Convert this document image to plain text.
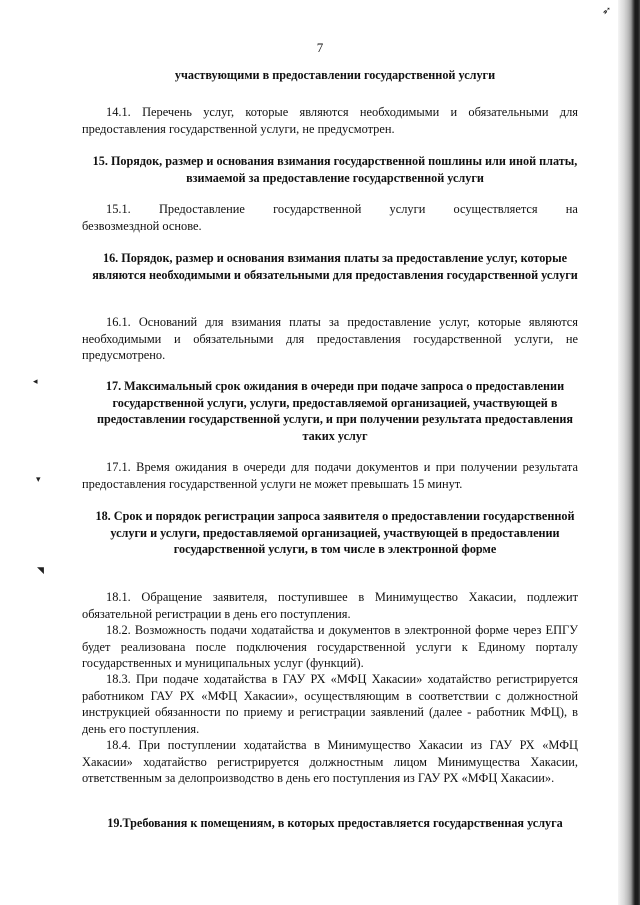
7
участвующими в предоставлении государственной услуги
14.1. Перечень услуг, которые являются необходимыми и обязательными для предоставления государственной услуги, не предусмотрен.
15. Порядок, размер и основания взимания государственной пошлины или иной платы, взимаемой за предоставление государственной услуги
15.1. Предоставление государственной услуги осуществляется на
безвозмездной основе.
16. Порядок, размер и основания взимания платы за предоставление услуг, которые являются необходимыми и обязательными для предоставления государственной услуги
16.1. Оснований для взимания платы за предоставление услуг, которые являются необходимыми и обязательными для предоставления государственной услуги, не предусмотрено.
17. Максимальный срок ожидания в очереди при подаче запроса о предоставлении государственной услуги, услуги, предоставляемой организацией, участвующей в предоставлении государственной услуги, и при получении результата предоставления таких услуг
17.1. Время ожидания в очереди для подачи документов и при получении результата предоставления государственной услуги не может превышать 15 минут.
18. Срок и порядок регистрации запроса заявителя о предоставлении государственной услуги и услуги, предоставляемой организацией, участвующей в предоставлении государственной услуги, в том числе в электронной форме
18.1. Обращение заявителя, поступившее в Минимущество Хакасии, подлежит обязательной регистрации в день его поступления.
18.2. Возможность подачи ходатайства и документов в электронной форме через ЕПГУ будет реализована после подключения государственной услуги к Единому порталу государственных и муниципальных услуг (функций).
18.3. При подаче ходатайства в ГАУ РХ «МФЦ Хакасии» ходатайство регистрируется работником ГАУ РХ «МФЦ Хакасии», осуществляющим в соответствии с должностной инструкцией обязанности по приему и регистрации заявлений (далее - работник МФЦ), в день его поступления.
18.4. При поступлении ходатайства в Минимущество Хакасии из ГАУ РХ «МФЦ Хакасии» ходатайство регистрируется должностным лицом Минимущества Хакасии, ответственным за делопроизводство в день его поступления из ГАУ РХ «МФЦ Хакасии».
19.Требования к помещениям, в которых предоставляется государственная услуга
◂
▾
◥
➶
